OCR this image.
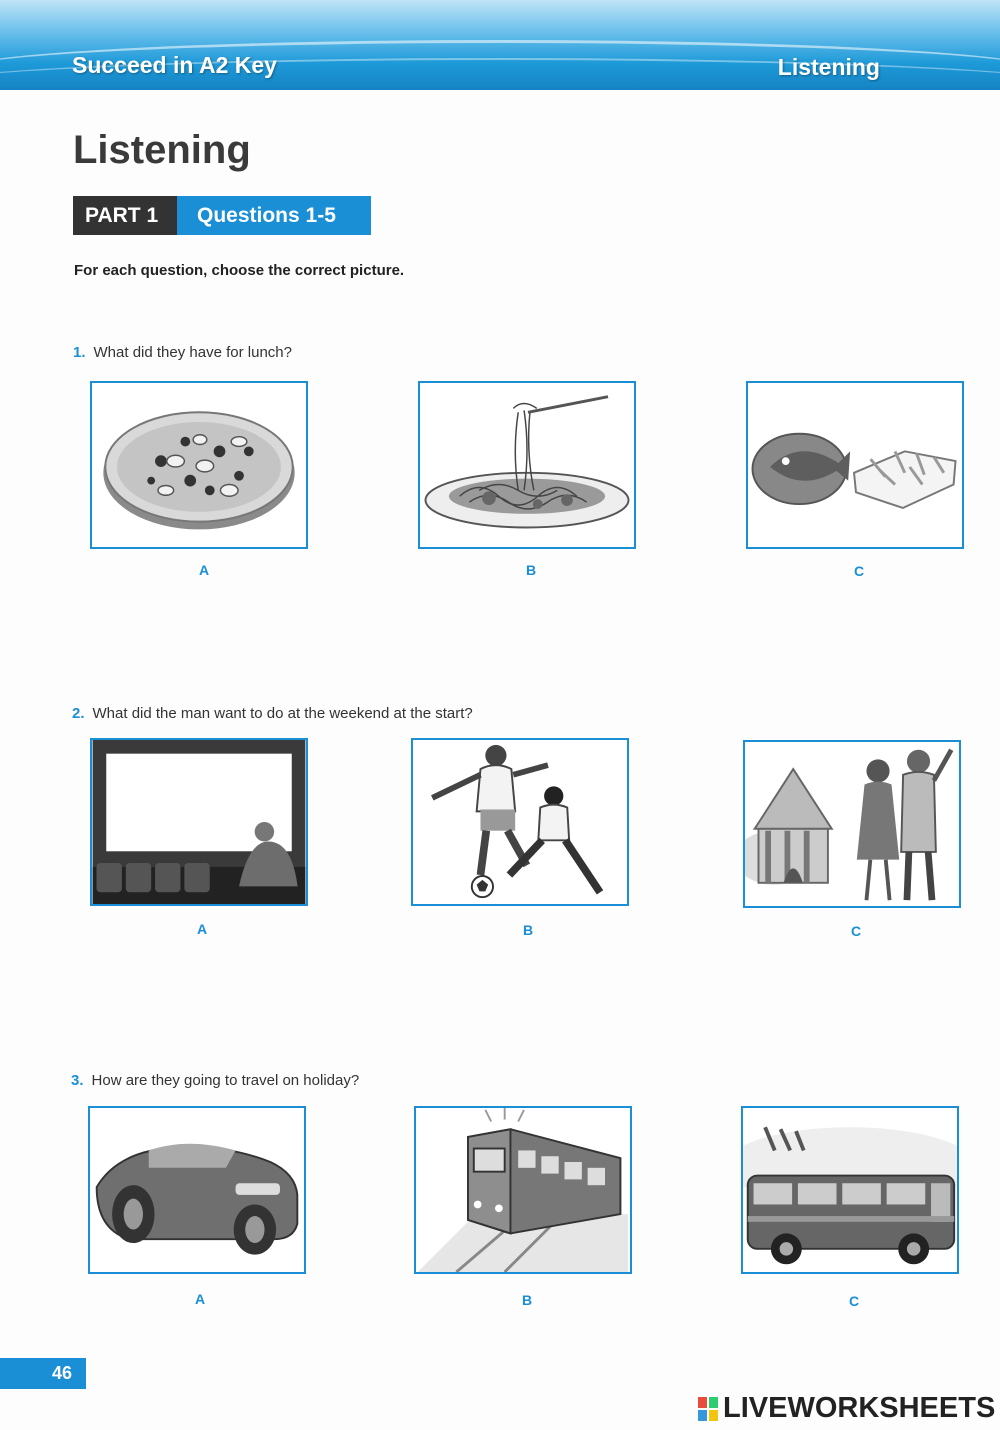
Succeed in A2 Key	Listening
Listening
PART 1	Questions 1-5
For each question, choose the correct picture.
1. What did they have for lunch?
A	B	C
2. What did the man want to do at the weekend at the start?
A	B	C
3. How are they going to travel on holiday?
A	B	C
46
LIVEWORKSHEETS
